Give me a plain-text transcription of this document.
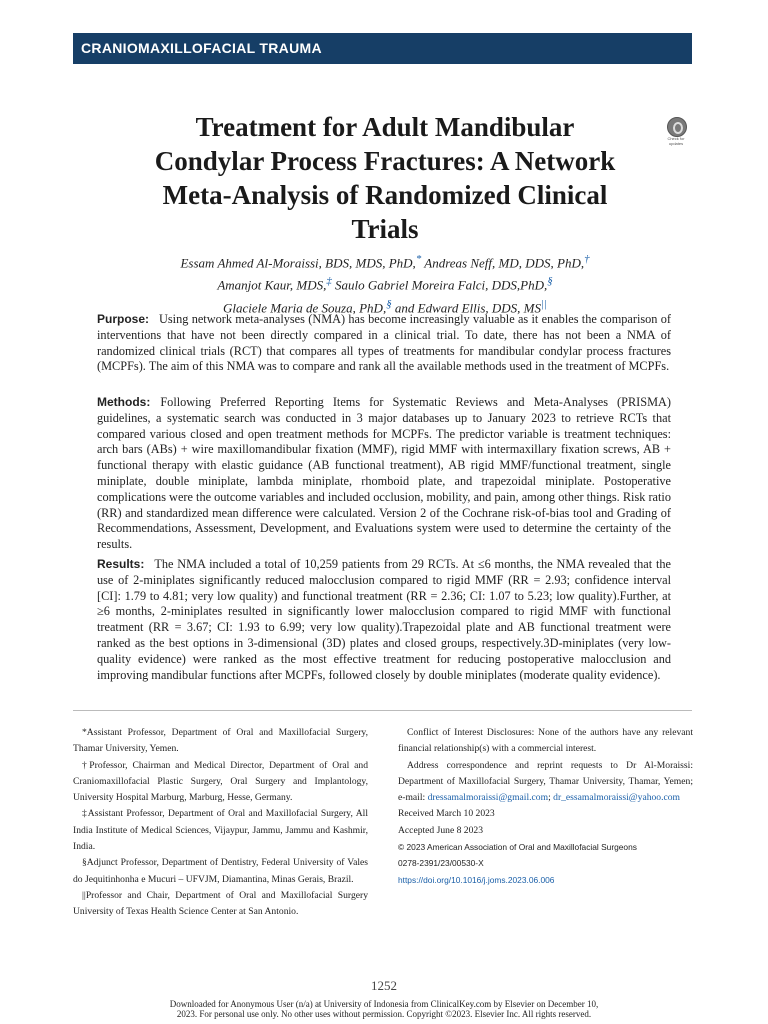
CRANIOMAXILLOFACIAL TRAUMA
Check for updates
Treatment for Adult Mandibular
Condylar Process Fractures: A Network
Meta-Analysis of Randomized Clinical
Trials
Essam Ahmed Al-Moraissi, BDS, MDS, PhD,* Andreas Neff, MD, DDS, PhD,†
Amanjot Kaur, MDS,‡ Saulo Gabriel Moreira Falci, DDS,PhD,§
Glaciele Maria de Souza, PhD,§ and Edward Ellis, DDS, MS||

Purpose: Using network meta-analyses (NMA) has become increasingly valuable as it enables the comparison of interventions that have not been directly compared in a clinical trial. To date, there has not been a NMA of randomized clinical trials (RCT) that compares all types of treatments for mandibular condylar process fractures (MCPFs). The aim of this NMA was to compare and rank all the available methods used in the treatment of MCPFs.

Methods: Following Preferred Reporting Items for Systematic Reviews and Meta-Analyses (PRISMA) guidelines, a systematic search was conducted in 3 major databases up to January 2023 to retrieve RCTs that compared various closed and open treatment methods for MCPFs. The predictor variable is treatment techniques: arch bars (ABs) + wire maxillomandibular fixation (MMF), rigid MMF with intermaxillary fixation screws, AB + functional therapy with elastic guidance (AB functional treatment), AB rigid MMF/functional treatment, single miniplate, double miniplate, lambda miniplate, rhomboid plate, and trapezoidal miniplate. Postoperative complications were the outcome variables and included occlusion, mobility, and pain, among other things. Risk ratio (RR) and standardized mean difference were calculated. Version 2 of the Cochrane risk-of-bias tool and Grading of Recommendations, Assessment, Development, and Evaluations system were used to determine the certainty of the results.

Results: The NMA included a total of 10,259 patients from 29 RCTs. At ≤6 months, the NMA revealed that the use of 2-miniplates significantly reduced malocclusion compared to rigid MMF (RR = 2.93; confidence interval [CI]: 1.79 to 4.81; very low quality) and functional treatment (RR = 2.36; CI: 1.07 to 5.23; low quality).Further, at ≥6 months, 2-miniplates resulted in significantly lower malocclusion compared to rigid MMF with functional treatment (RR = 3.67; CI: 1.93 to 6.99; very low quality).Trapezoidal plate and AB functional treatment were ranked as the best options in 3-dimensional (3D) plates and closed groups, respectively.3D-miniplates (very low-quality evidence) were ranked as the most effective treatment for reducing postoperative malocclusion and improving mandibular functions after MCPFs, followed closely by double miniplates (moderate quality evidence).

*Assistant Professor, Department of Oral and Maxillofacial Surgery, Thamar University, Yemen.

†Professor, Chairman and Medical Director, Department of Oral and Craniomaxillofacial Plastic Surgery, Oral Surgery and Implantology, University Hospital Marburg, Marburg, Hesse, Germany.

‡Assistant Professor, Department of Oral and Maxillofacial Surgery, All India Institute of Medical Sciences, Vijaypur, Jammu, Jammu and Kashmir, India.

§Adjunct Professor, Department of Dentistry, Federal University of Vales do Jequitinhonha e Mucuri – UFVJM, Diamantina, Minas Gerais, Brazil.

||Professor and Chair, Department of Oral and Maxillofacial Surgery University of Texas Health Science Center at San Antonio.

Conflict of Interest Disclosures: None of the authors have any relevant financial relationship(s) with a commercial interest.

Address correspondence and reprint requests to Dr Al-Moraissi: Department of Maxillofacial Surgery, Thamar University, Thamar, Yemen; e-mail: dressamalmoraissi@gmail.com; dr_essamalmoraissi@yahoo.com

Received March 10 2023

Accepted June 8 2023

© 2023 American Association of Oral and Maxillofacial Surgeons

0278-2391/23/00530-X

https://doi.org/10.1016/j.joms.2023.06.006

1252
Downloaded for Anonymous User (n/a) at University of Indonesia from ClinicalKey.com by Elsevier on December 10,
2023. For personal use only. No other uses without permission. Copyright ©2023. Elsevier Inc. All rights reserved.
